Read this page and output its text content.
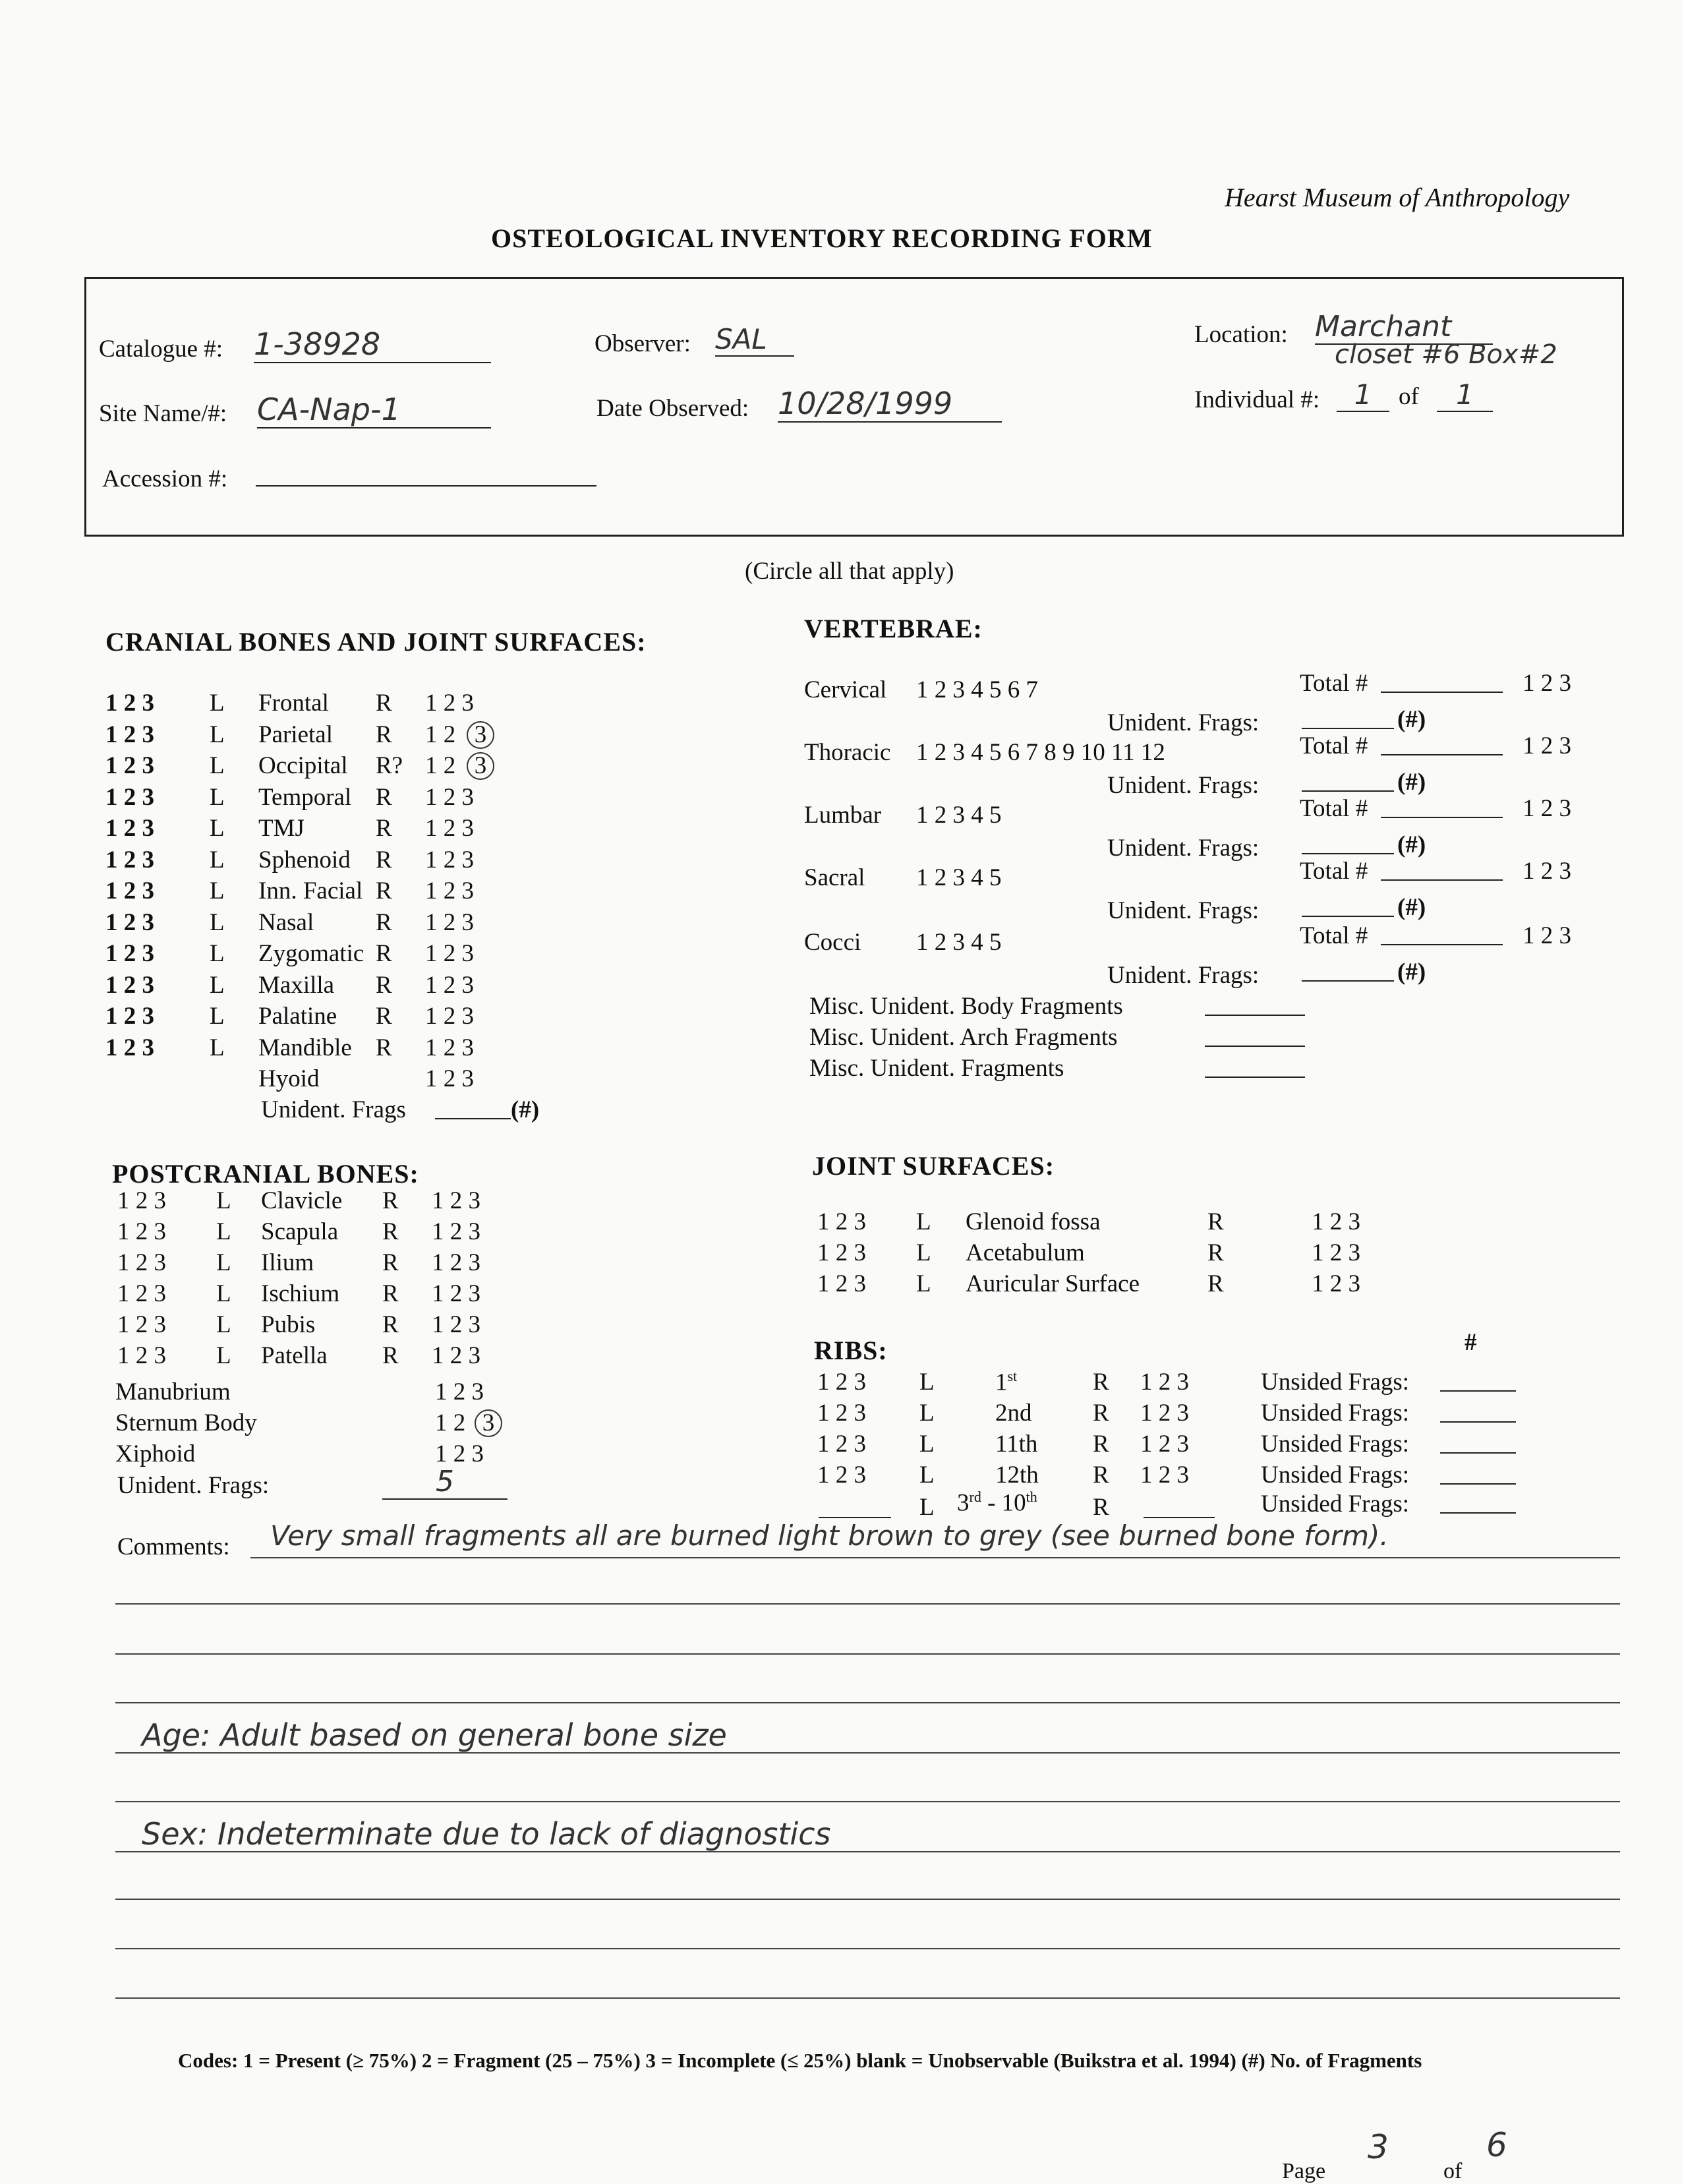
Hearst Museum of Anthropology
OSTEOLOGICAL INVENTORY RECORDING FORM
Catalogue #: 1-38928
Site Name/#: CA-Nap-1
Accession #:
Observer: SAL
Date Observed: 10/28/1999
Location: Marchant
closet #6 Box#2
Individual #:	1	of	1
(Circle all that apply)
CRANIAL BONES AND JOINT SURFACES:
1 2 3 L Frontal R 1 2 3
1 2 3 L Parietal R 1 2 3
1 2 3 L Occipital R? 1 2 3
1 2 3 L Temporal R 1 2 3
1 2 3 L TMJ	R 1 2 3
1 2 3 L Sphenoid R 1 2 3
1 2 3 L Inn. Facial R 1 2 3
1 2 3 L Nasal	R 1 2 3
1 2 3 L Zygomatic R 1 2 3
1 2 3 L Maxilla R 1 2 3
1 2 3 L Palatine R 1 2 3
1 2 3 L Mandible R 1 2 3
Hyoid	1 2 3
Unident. Frags	(#)
POSTCRANIAL BONES:
1 2 3 L Clavicle R 1 2 3
1 2 3 L Scapula R 1 2 3
1 2 3 L Ilium	R 1 2 3
1 2 3 L Ischium R 1 2 3
1 2 3 L Pubis	R 1 2 3
1 2 3 L Patella R 1 2 3
Manubrium	1 2 3
Sternum Body	1 2 3
Xiphoid	1 2 3
Unident. Frags:	5
VERTEBRAE:
Cervical 1 2 3 4 5 6 7	Total #	1 2 3
Unident. Frags:	(#)
Thoracic 1 2 3 4 5 6 7 8 9 10 11 12	Total #	1 2 3
Unident. Frags:	(#)
Lumbar 1 2 3 4 5	Total #	1 2 3
Unident. Frags:	(#)
Sacral 1 2 3 4 5	Total #	1 2 3
Unident. Frags:	(#)
Cocci 1 2 3 4 5	Total #	1 2 3
Unident. Frags:	(#)
Misc. Unident. Body Fragments
Misc. Unident. Arch Fragments
Misc. Unident. Fragments
JOINT SURFACES:
1 2 3 L Glenoid fossa	R	1 2 3
1 2 3 L Acetabulum	R	1 2 3
1 2 3 L Auricular Surface	R	1 2 3
RIBS:	#
1 2 3 L 1st	R 1 2 3	Unsided Frags:
1 2 3 L 2nd	R 1 2 3	Unsided Frags:
1 2 3 L 11th R 1 2 3	Unsided Frags:
1 2 3 L 12th R 1 2 3	Unsided Frags:
L 3rd - 10th R	Unsided Frags:
Comments: Very small fragments all are burned light brown to grey (see burned bone form).
Age: Adult based on general bone size
Sex: Indeterminate due to lack of diagnostics
Codes: 1 = Present (≥ 75%) 2 = Fragment (25 – 75%) 3 = Incomplete (≤ 25%) blank = Unobservable (Buikstra et al. 1994) (#) No. of Fragments
Page
3
of
6
